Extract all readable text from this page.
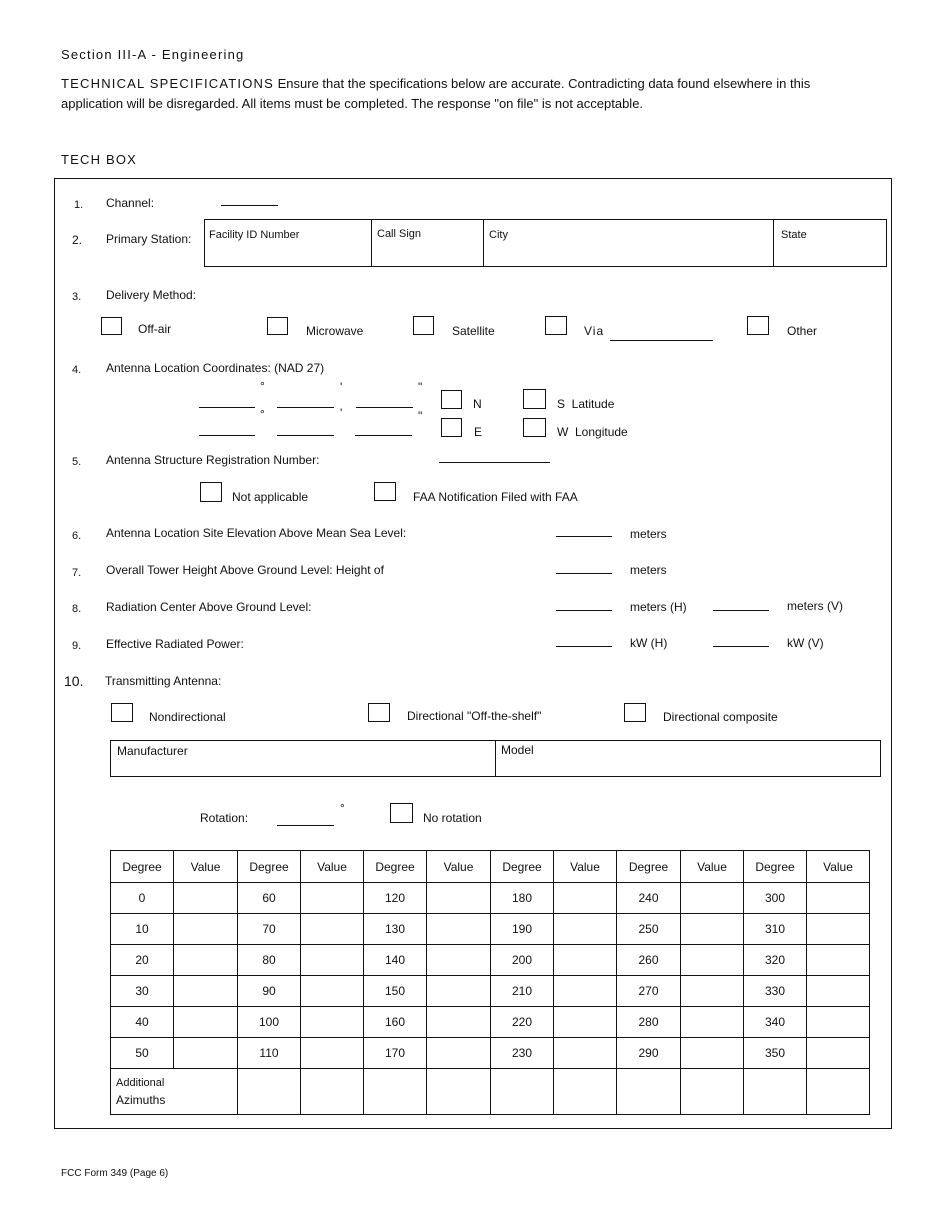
Section III-A - Engineering
TECHNICAL SPECIFICATIONS Ensure that the specifications below are accurate. Contradicting data found elsewhere in this
application will be disregarded. All items must be completed. The response "on file" is not acceptable.
TECH BOX
1. Channel:
2. Primary Station: Facility ID Number	Call Sign	City	State
3. Delivery Method:
Off-air	Microwave	Satellite	Via	Other
4. Antenna Location Coordinates: (NAD 27)
°	'	"
N	S  Latitude
°	'	"
E	W  Longitude
5. Antenna Structure Registration Number:
Not applicable	FAA Notification Filed with FAA
6. Antenna Location Site Elevation Above Mean Sea Level:	meters
7. Overall Tower Height Above Ground Level: Height of	meters
8. Radiation Center Above Ground Level:	meters (H)	meters (V)
9. Effective Radiated Power:	kW (H)	kW (V)
10. Transmitting Antenna:
Nondirectional	Directional "Off-the-shelf"	Directional composite
Manufacturer	Model
Rotation:
°
No rotation
Degree	Value	Degree	Value	Degree	Value	Degree	Value	Degree	Value	Degree	Value
0		60		120		180		240		300	
10		70		130		190		250		310	
20		80		140		200		260		320	
30		90		150		210		270		330	
40		100		160		220		280		340	
50		110		170		230		290		350	

Additional
Azimuths											

FCC Form 349 (Page 6)
